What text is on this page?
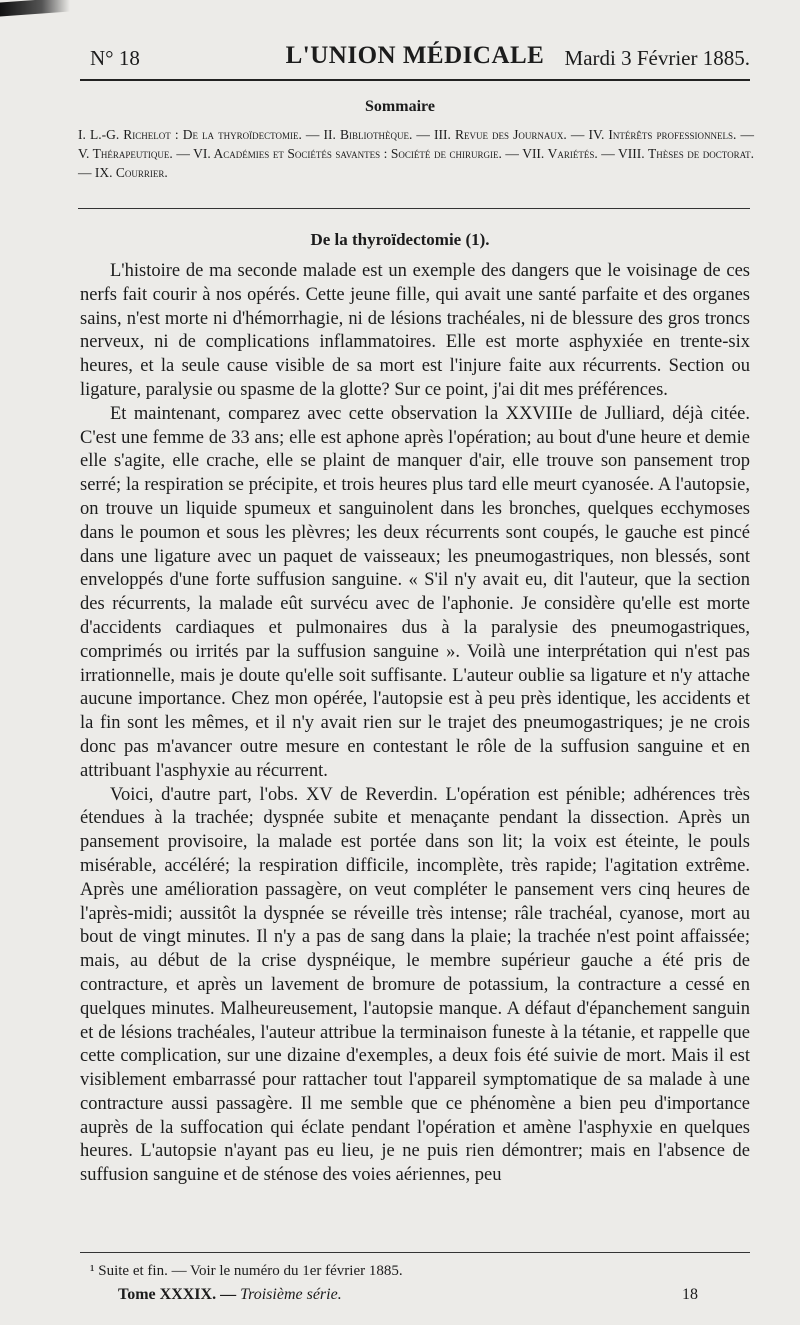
N° 18	L'UNION MÉDICALE Mardi 3 Février 1885.
Sommaire
I. L.-G. Richelot : De la thyroïdectomie. — II. Bibliothèque. — III. Revue des Journaux. — IV. Intérêts professionnels. — V. Thérapeutique. — VI. Académies et Sociétés savantes : Société de chirurgie. — VII. Variétés. — VIII. Thèses de doctorat. — IX. Courrier.
De la thyroïdectomie (1).

L'histoire de ma seconde malade est un exemple des dangers que le voisinage de ces nerfs fait courir à nos opérés. Cette jeune fille, qui avait une santé parfaite et des organes sains, n'est morte ni d'hémorrhagie, ni de lésions trachéales, ni de blessure des gros troncs nerveux, ni de complications inflammatoires. Elle est morte asphyxiée en trente-six heures, et la seule cause visible de sa mort est l'injure faite aux récurrents. Section ou ligature, paralysie ou spasme de la glotte? Sur ce point, j'ai dit mes préférences.

Et maintenant, comparez avec cette observation la XXVIIIe de Julliard, déjà citée. C'est une femme de 33 ans; elle est aphone après l'opération; au bout d'une heure et demie elle s'agite, elle crache, elle se plaint de manquer d'air, elle trouve son pansement trop serré; la respiration se précipite, et trois heures plus tard elle meurt cyanosée. A l'autopsie, on trouve un liquide spumeux et sanguinolent dans les bronches, quelques ecchymoses dans le poumon et sous les plèvres; les deux récurrents sont coupés, le gauche est pincé dans une ligature avec un paquet de vaisseaux; les pneumogastriques, non blessés, sont enveloppés d'une forte suffusion sanguine. « S'il n'y avait eu, dit l'auteur, que la section des récurrents, la malade eût survécu avec de l'aphonie. Je considère qu'elle est morte d'accidents cardiaques et pulmonaires dus à la paralysie des pneumogastriques, comprimés ou irrités par la suffusion sanguine ». Voilà une interprétation qui n'est pas irrationnelle, mais je doute qu'elle soit suffisante. L'auteur oublie sa ligature et n'y attache aucune importance. Chez mon opérée, l'autopsie est à peu près identique, les accidents et la fin sont les mêmes, et il n'y avait rien sur le trajet des pneumogastriques; je ne crois donc pas m'avancer outre mesure en contestant le rôle de la suffusion sanguine et en attribuant l'asphyxie au récurrent.

Voici, d'autre part, l'obs. XV de Reverdin. L'opération est pénible; adhérences très étendues à la trachée; dyspnée subite et menaçante pendant la dissection. Après un pansement provisoire, la malade est portée dans son lit; la voix est éteinte, le pouls misérable, accéléré; la respiration difficile, incomplète, très rapide; l'agitation extrême. Après une amélioration passagère, on veut compléter le pansement vers cinq heures de l'après-midi; aussitôt la dyspnée se réveille très intense; râle trachéal, cyanose, mort au bout de vingt minutes. Il n'y a pas de sang dans la plaie; la trachée n'est point affaissée; mais, au début de la crise dyspnéique, le membre supérieur gauche a été pris de contracture, et après un lavement de bromure de potassium, la contracture a cessé en quelques minutes. Malheureusement, l'autopsie manque. A défaut d'épanchement sanguin et de lésions trachéales, l'auteur attribue la terminaison funeste à la tétanie, et rappelle que cette complication, sur une dizaine d'exemples, a deux fois été suivie de mort. Mais il est visiblement embarrassé pour rattacher tout l'appareil symptomatique de sa malade à une contracture aussi passagère. Il me semble que ce phénomène a bien peu d'importance auprès de la suffocation qui éclate pendant l'opération et amène l'asphyxie en quelques heures. L'autopsie n'ayant pas eu lieu, je ne puis rien démontrer; mais en l'absence de suffusion sanguine et de sténose des voies aériennes, peu

¹ Suite et fin. — Voir le numéro du 1er février 1885.
Tome XXXIX. — Troisième série.	18
